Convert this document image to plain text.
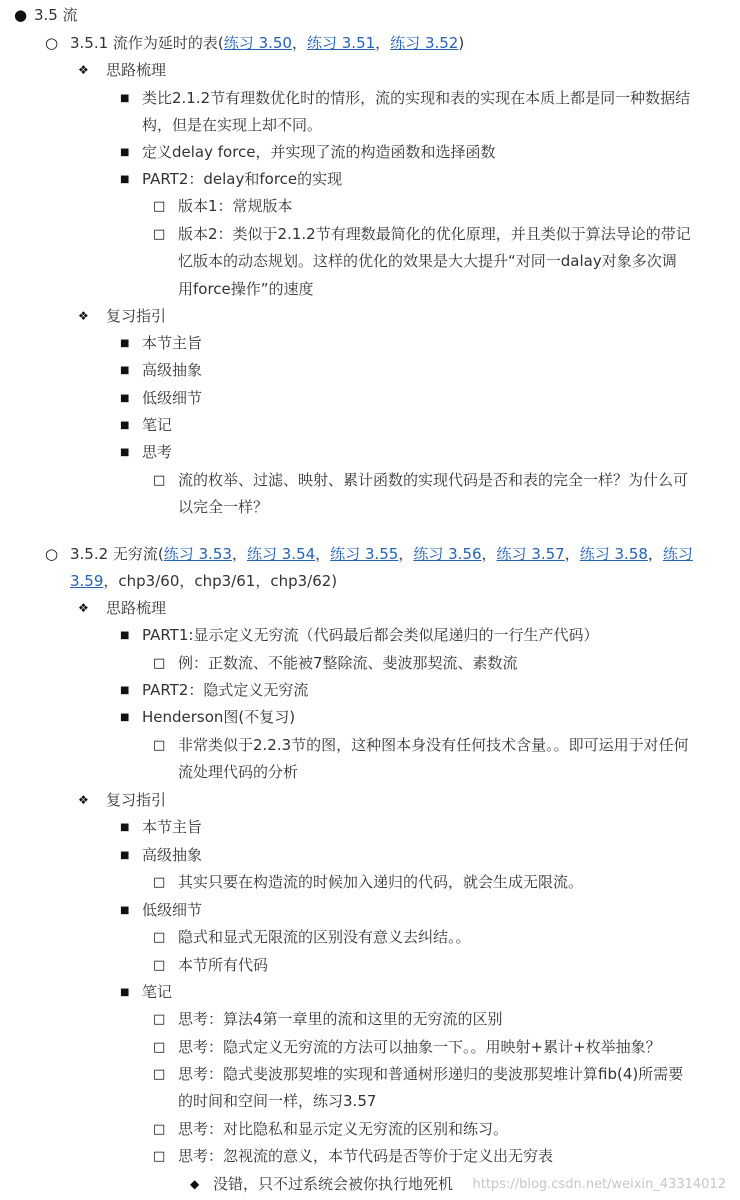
● 3.5 流
○ 3.5.1 流作为延时的表(练习 3.50，练习 3.51，练习 3.52)
❖ 思路梳理
■ 类比2.1.2节有理数优化时的情形，流的实现和表的实现在本质上都是同一种数据结
构，但是在实现上却不同。
■ 定义delay force，并实现了流的构造函数和选择函数
■ PART2：delay和force的实现
□ 版本1：常规版本
□ 版本2：类似于2.1.2节有理数最简化的优化原理，并且类似于算法导论的带记
忆版本的动态规划。这样的优化的效果是大大提升“对同一dalay对象多次调
用force操作”的速度
❖ 复习指引
■ 本节主旨
■ 高级抽象
■ 低级细节
■ 笔记
■ 思考
□ 流的枚举、过滤、映射、累计函数的实现代码是否和表的完全一样？为什么可
以完全一样？
○ 3.5.2 无穷流(练习 3.53，练习 3.54，练习 3.55，练习 3.56，练习 3.57，练习 3.58，练习
3.59，chp3/60，chp3/61，chp3/62)
❖ 思路梳理
■ PART1:显示定义无穷流（代码最后都会类似尾递归的一行生产代码）
□ 例：正数流、不能被7整除流、斐波那契流、素数流
■ PART2：隐式定义无穷流
■ Henderson图(不复习)
□ 非常类似于2.2.3节的图，这种图本身没有任何技术含量。。即可运用于对任何
流处理代码的分析
❖ 复习指引
■ 本节主旨
■ 高级抽象
□ 其实只要在构造流的时候加入递归的代码，就会生成无限流。
■ 低级细节
□ 隐式和显式无限流的区别没有意义去纠结。。
□ 本节所有代码
■ 笔记
□ 思考：算法4第一章里的流和这里的无穷流的区别
□ 思考：隐式定义无穷流的方法可以抽象一下。。用映射+累计+枚举抽象？
□ 思考：隐式斐波那契堆的实现和普通树形递归的斐波那契堆计算fib(4)所需要
的时间和空间一样，练习3.57
□ 思考：对比隐私和显示定义无穷流的区别和练习。
□ 思考：忽视流的意义，本节代码是否等价于定义出无穷表
◆ 没错，只不过系统会被你执行地死机	https://blog.csdn.net/weixin_43314012
